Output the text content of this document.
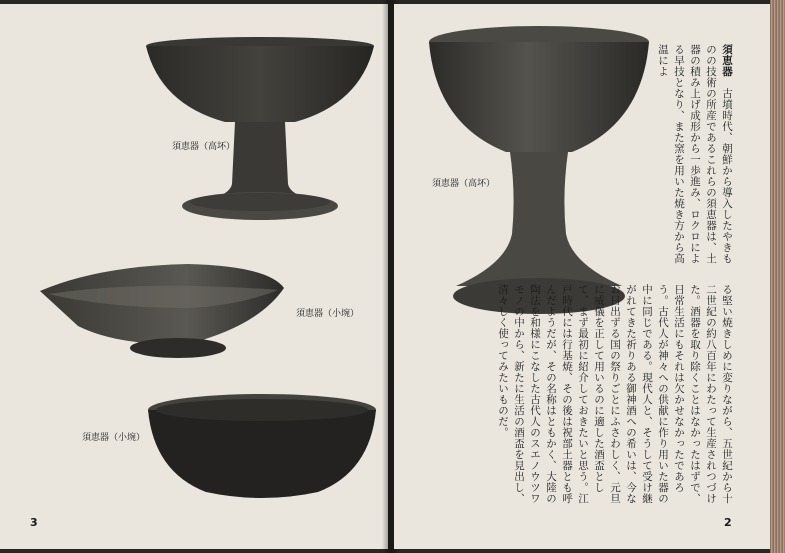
須恵器（高坏）
須恵器（小埦）
須恵器（小埦）
3
須恵器（高坏）

須恵器　古墳時代、朝鮮から導入したやきものの技術の所産であるこれらの須恵器は、土器の積み上げ成形から一歩進み、ロクロによる早技となり、また窯を用いた焼き方から高温によ

る堅い焼きしめに変りながら、五世紀から十二世紀の約八百年にわたって生産されつづけた。酒器を取り除くことはなかったはずで、日常生活にもそれは欠かせなかったであろう。古代人が神々への供献に作り用いた器の中に同じである。現代人と、そうして受け継がれてきた祈りある御神酒への希いは、今なお日出ずる国の祭りごとにふさわしく、元旦に威儀を正して用いるのに適した酒盃として、まず最初に紹介しておきたいと思う。江戸時代には行基焼、その後は祝部土器とも呼んだようだが、その名称はともかく、大陸の陶法を和様にこなした古代人のスエノウツワモノの中から、新たに生活の酒盃を見出し、清々しく使ってみたいものだ。

2
